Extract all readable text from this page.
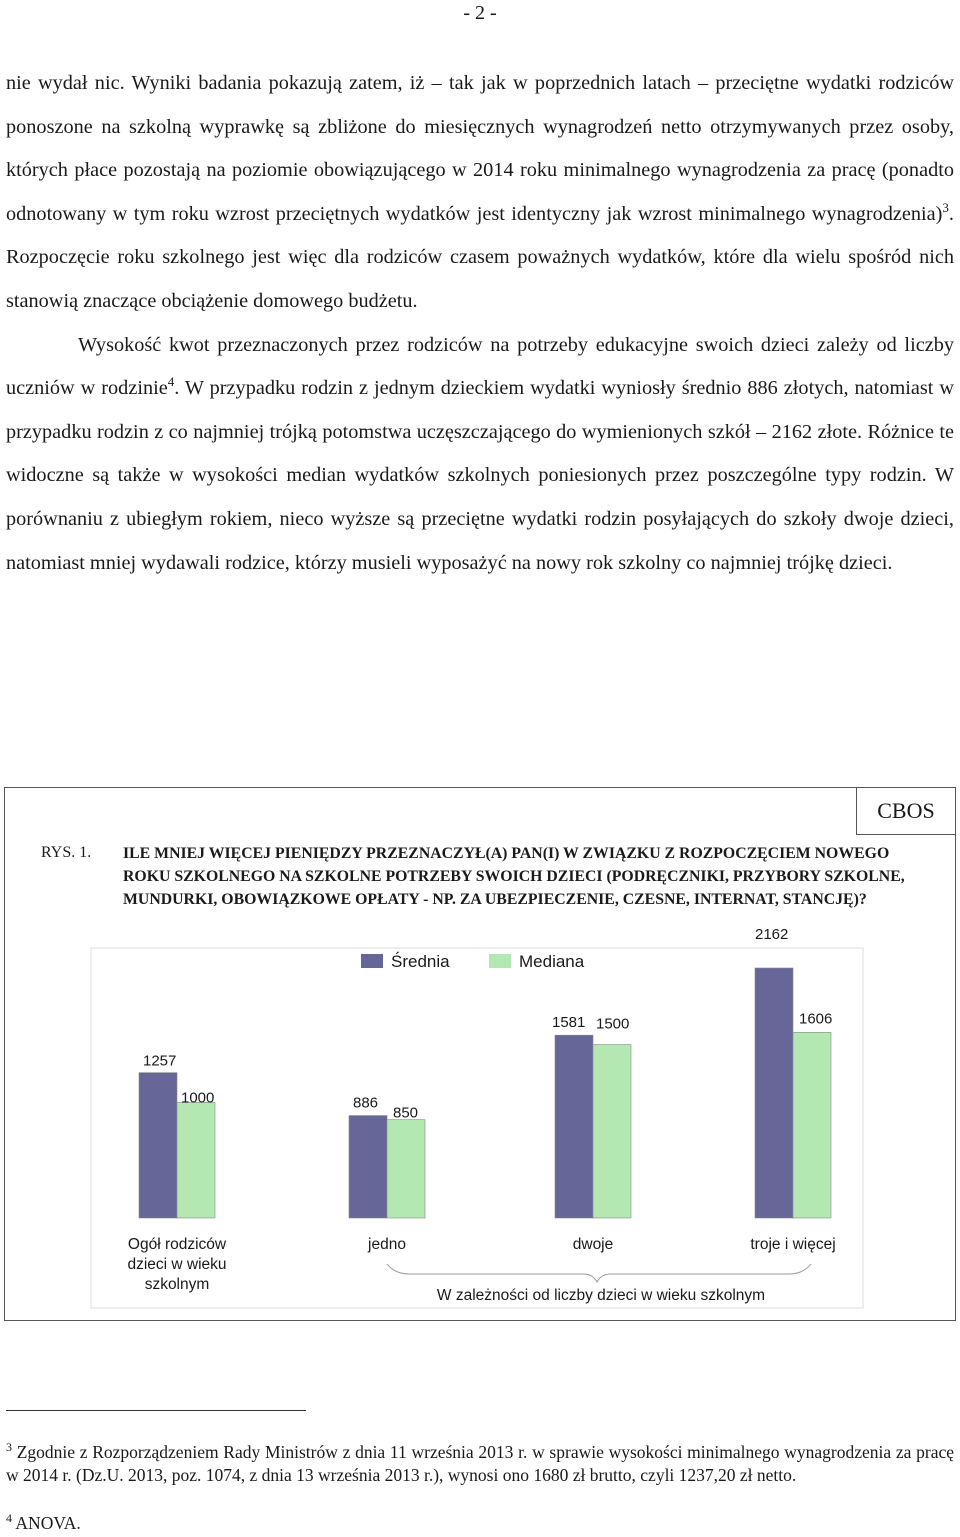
- 2 -

nie wydał nic. Wyniki badania pokazują zatem, iż – tak jak w poprzednich latach – przeciętne wydatki rodziców ponoszone na szkolną wyprawkę są zbliżone do miesięcznych wynagrodzeń netto otrzymywanych przez osoby, których płace pozostają na poziomie obowiązującego w 2014 roku minimalnego wynagrodzenia za pracę (ponadto odnotowany w tym roku wzrost przeciętnych wydatków jest identyczny jak wzrost minimalnego wynagrodzenia)$^3$. Rozpoczęcie roku szkolnego jest więc dla rodziców czasem poważnych wydatków, które dla wielu spośród nich stanowią znaczące obciążenie domowego budżetu.

Wysokość kwot przeznaczonych przez rodziców na potrzeby edukacyjne swoich dzieci zależy od liczby uczniów w rodzinie$^4$. W przypadku rodzin z jednym dzieckiem wydatki wyniosły średnio 886 złotych, natomiast w przypadku rodzin z co najmniej trójką potomstwa uczęszczającego do wymienionych szkół – 2162 złote. Różnice te widoczne są także w wysokości median wydatków szkolnych poniesionych przez poszczególne typy rodzin. W porównaniu z ubiegłym rokiem, nieco wyższe są przeciętne wydatki rodzin posyłających do szkoły dwoje dzieci, natomiast mniej wydawali rodzice, którzy musieli wyposażyć na nowy rok szkolny co najmniej trójkę dzieci.

CBOS
RYS. 1. ILE MNIEJ WIĘCEJ PIENIĘDZY PRZEZNACZYŁ(A) PAN(I) W ZWIĄZKU Z ROZPOCZĘCIEM NOWEGO ROKU SZKOLNEGO NA SZKOLNE POTRZEBY SWOICH DZIECI (PODRĘCZNIKI, PRZYBORY SZKOLNE, MUNDURKI, OBOWIĄZKOWE OPŁATY - NP. ZA UBEZPIECZENIE, CZESNE, INTERNAT, STANCJĘ)?
Średnia	Mediana
1257
1000	886
850
1581 1500
2162
1606
Ogół rodziców
dzieci w wieku
szkolnym
jedno	dwoje	troje i więcej
W zależności od liczby dzieci w wieku szkolnym
$^3$ Zgodnie z Rozporządzeniem Rady Ministrów z dnia 11 września 2013 r. w sprawie wysokości minimalnego wynagrodzenia za pracę w 2014 r. (Dz.U. 2013, poz. 1074, z dnia 13 września 2013 r.), wynosi ono 1680 zł brutto, czyli 1237,20 zł netto.
$^4$ ANOVA.
